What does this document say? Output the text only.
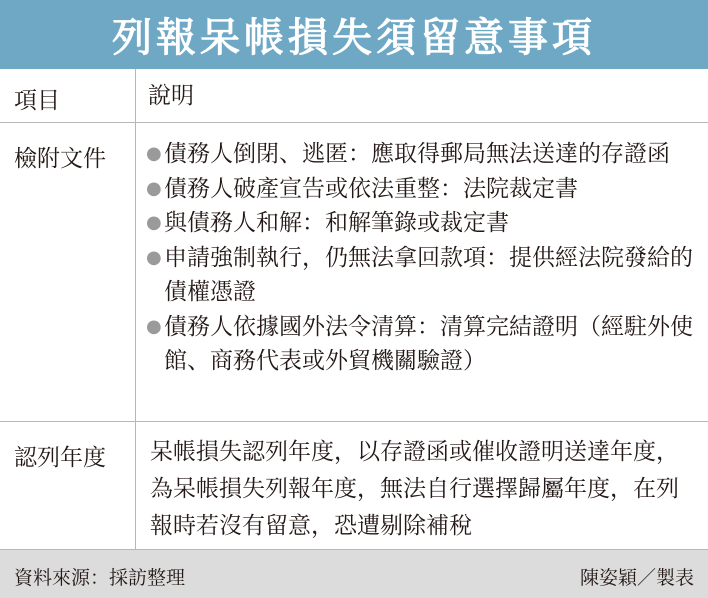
列報呆帳損失須留意事項
項目	說明
檢附文件 ● 債務人倒閉、逃匿：應取得郵局無法送達的存證函
● 債務人破產宣告或依法重整：法院裁定書
● 與債務人和解：和解筆錄或裁定書
● 申請強制執行，仍無法拿回款項：提供經法院發給的債權憑證
● 債務人依據國外法令清算：清算完結證明（經駐外使館、商務代表或外貿機關驗證）
認列年度 呆帳損失認列年度，以存證函或催收證明送達年度，為呆帳損失列報年度，無法自行選擇歸屬年度，在列報時若沒有留意，恐遭剔除補稅
資料來源：採訪整理	陳姿穎／製表
